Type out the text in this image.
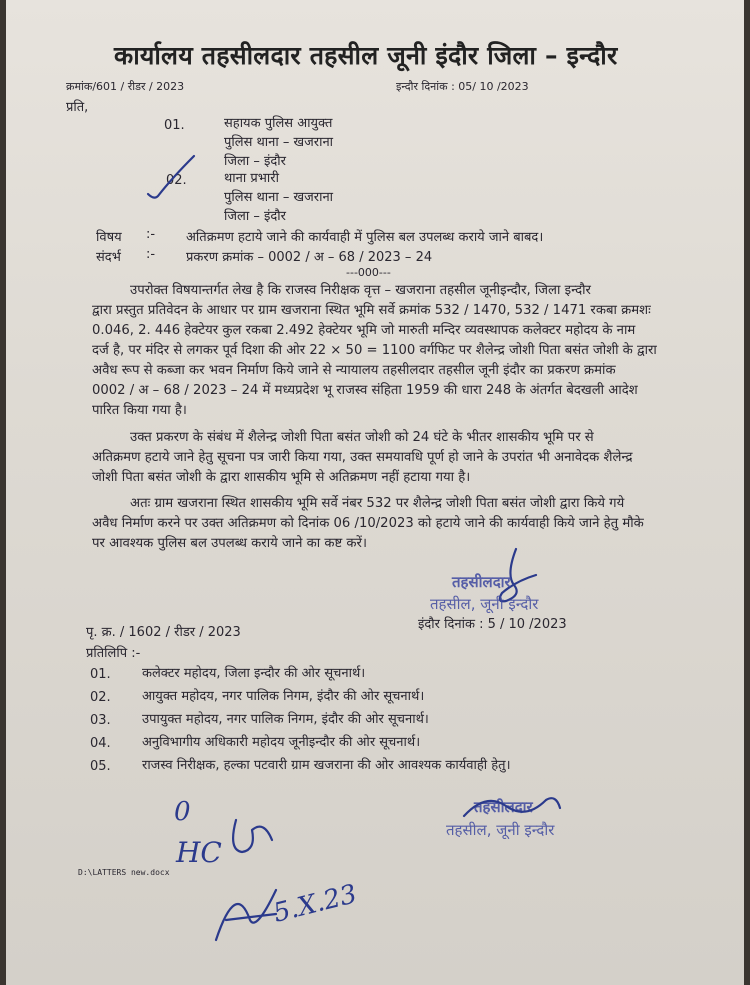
कार्यालय तहसीलदार तहसील जूनी इंदौर जिला – इन्दौर
क्रमांक/601 / रीडर / 2023	इन्दौर दिनांक : 05/ 10 /2023
प्रति,
01.	सहायक पुलिस आयुक्त
पुलिस थाना – खजराना
जिला – इंदौर
02.	थाना प्रभारी
पुलिस थाना – खजराना
जिला – इंदौर
विषय :- अतिक्रमण हटाये जाने की कार्यवाही में पुलिस बल उपलब्ध कराये जाने बाबद।
संदर्भ :- प्रकरण क्रमांक – 0002 / अ – 68 / 2023 – 24
---000---
उपरोक्त विषयान्तर्गत लेख है कि राजस्व निरीक्षक वृत्त – खजराना तहसील जूनीइन्दौर, जिला इन्दौर
द्वारा प्रस्तुत प्रतिवेदन के आधार पर ग्राम खजराना स्थित भूमि सर्वे क्रमांक 532 / 1470, 532 / 1471 रकबा क्रमशः
0.046, 2. 446 हेक्टेयर कुल रकबा 2.492 हेक्टेयर भूमि जो मारुती मन्दिर व्यवस्थापक कलेक्टर महोदय के नाम
दर्ज है, पर मंदिर से लगकर पूर्व दिशा की ओर 22 × 50 = 1100 वर्गफिट पर शैलेन्द्र जोशी पिता बसंत जोशी के द्वारा
अवैध रूप से कब्जा कर भवन निर्माण किये जाने से न्यायालय तहसीलदार तहसील जूनी इंदौर का प्रकरण क्रमांक
0002 / अ – 68 / 2023 – 24 में मध्यप्रदेश भू राजस्व संहिता 1959 की धारा 248 के अंतर्गत बेदखली आदेश
पारित किया गया है।
उक्त प्रकरण के संबंध में शैलेन्द्र जोशी पिता बसंत जोशी को 24 घंटे के भीतर शासकीय भूमि पर से
अतिक्रमण हटाये जाने हेतु सूचना पत्र जारी किया गया, उक्त समयावधि पूर्ण हो जाने के उपरांत भी अनावेदक शैलेन्द्र
जोशी पिता बसंत जोशी के द्वारा शासकीय भूमि से अतिक्रमण नहीं हटाया गया है।
अतः ग्राम खजराना स्थित शासकीय भूमि सर्वे नंबर 532 पर शैलेन्द्र जोशी पिता बसंत जोशी द्वारा किये गये
अवैध निर्माण करने पर उक्त अतिक्रमण को दिनांक 06 /10/2023 को हटाये जाने की कार्यवाही किये जाने हेतु मौके
पर आवश्यक पुलिस बल उपलब्ध कराये जाने का कष्ट करें।
तहसीलदार
तहसील, जूनी इन्दौर
पृ. क्र. / 1602 / रीडर / 2023
इंदौर दिनांक : 5 / 10 /2023
प्रतिलिपि :-
01. कलेक्टर महोदय, जिला इन्दौर की ओर सूचनार्थ।
02. आयुक्त महोदय, नगर पालिक निगम, इंदौर की ओर सूचनार्थ।
03. उपायुक्त महोदय, नगर पालिक निगम, इंदौर की ओर सूचनार्थ।
04. अनुविभागीय अधिकारी महोदय जूनीइन्दौर की ओर सूचनार्थ।
05. राजस्व निरीक्षक, हल्का पटवारी ग्राम खजराना की ओर आवश्यक कार्यवाही हेतु।
तहसीलदार
तहसील, जूनी इन्दौर
0
HC
5.X.23
D:\LATTERS new.docx
